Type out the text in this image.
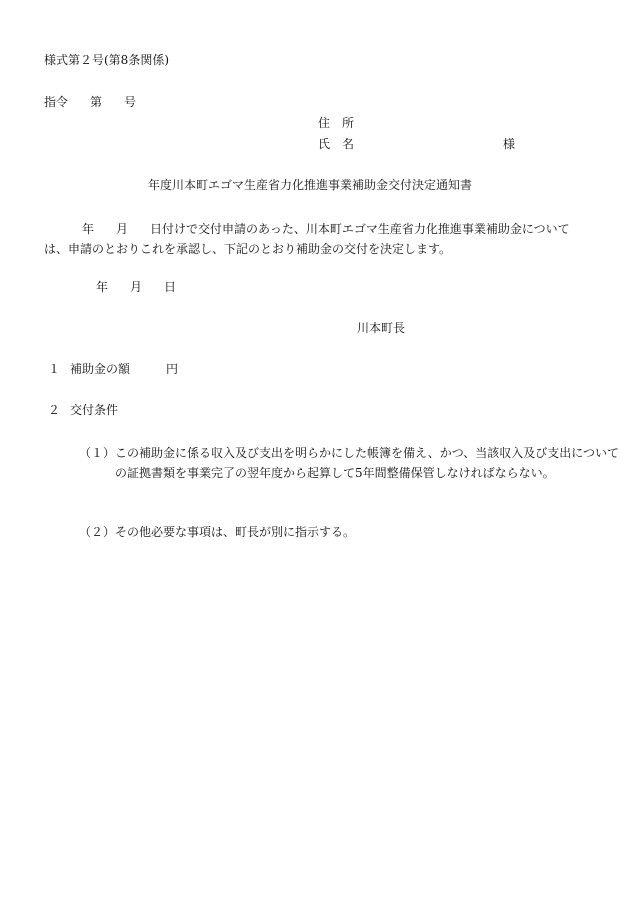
様式第２号(第8条関係)
指令 第 号
住　所
氏　名	様
年度川本町エゴマ生産省力化推進事業補助金交付決定通知書
年 月 日付けで交付申請のあった、川本町エゴマ生産省力化推進事業補助金については、申請のとおりこれを承認し、下記のとおり補助金の交付を決定します。
年 月 日
川本町長
１ 補助金の額	円
２ 交付条件
（１）この補助金に係る収入及び支出を明らかにした帳簿を備え、かつ、当該収入及び支出についての証拠書類を事業完了の翌年度から起算して5年間整備保管しなければならない。
（２）その他必要な事項は、町長が別に指示する。
